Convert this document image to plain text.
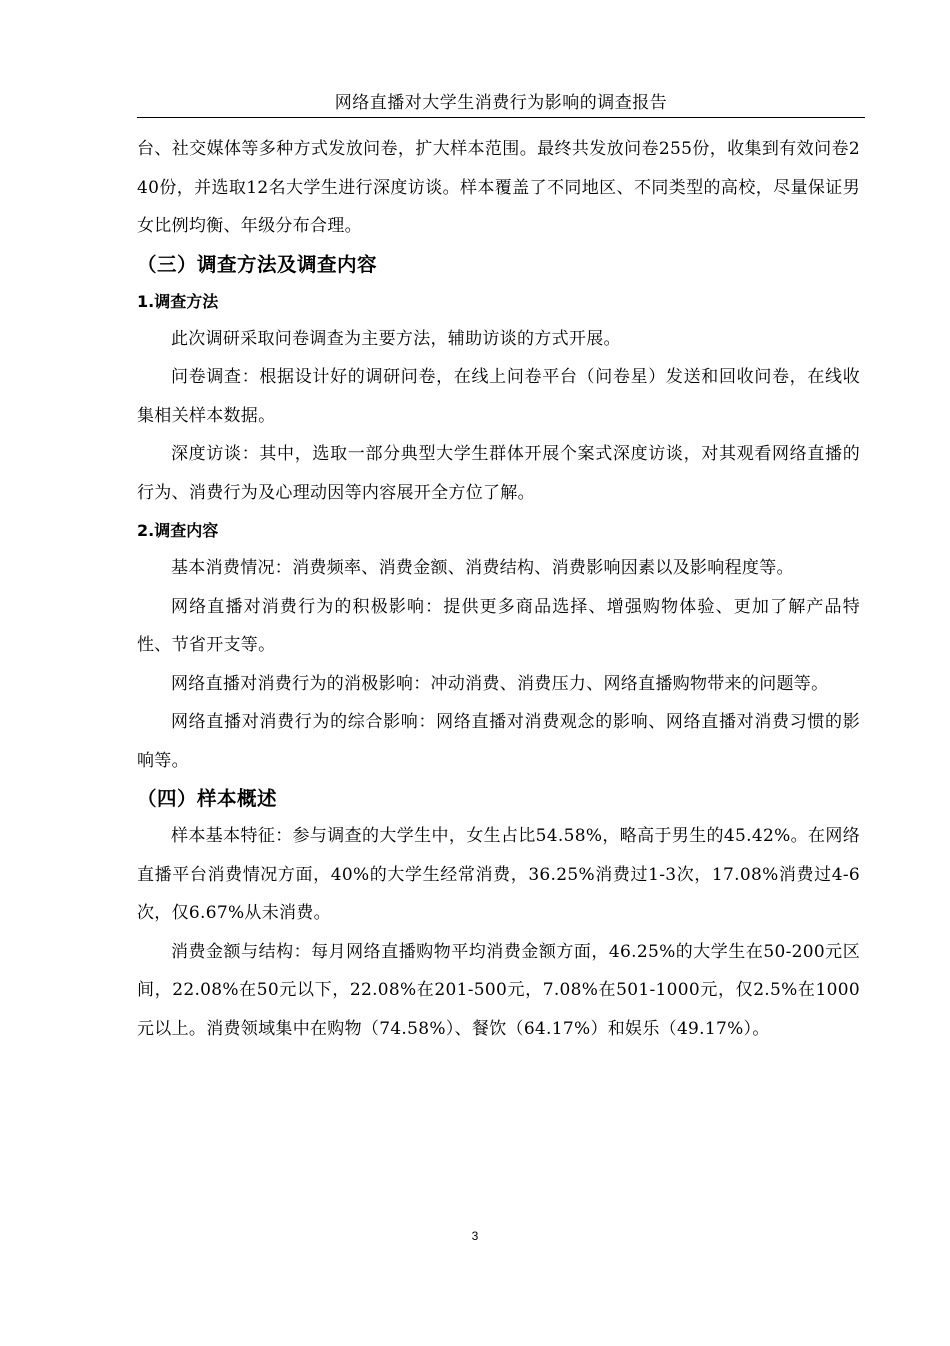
网络直播对大学生消费行为影响的调查报告

台、社交媒体等多种方式发放问卷，扩大样本范围。最终共发放问卷255份，收集到有效问卷240份，并选取12名大学生进行深度访谈。样本覆盖了不同地区、不同类型的高校，尽量保证男女比例均衡、年级分布合理。

（三）调查方法及调查内容
1.调查方法

此次调研采取问卷调查为主要方法，辅助访谈的方式开展。

问卷调查：根据设计好的调研问卷，在线上问卷平台（问卷星）发送和回收问卷，在线收集相关样本数据。

深度访谈：其中，选取一部分典型大学生群体开展个案式深度访谈，对其观看网络直播的行为、消费行为及心理动因等内容展开全方位了解。

2.调查内容

基本消费情况：消费频率、消费金额、消费结构、消费影响因素以及影响程度等。

网络直播对消费行为的积极影响：提供更多商品选择、增强购物体验、更加了解产品特性、节省开支等。

网络直播对消费行为的消极影响：冲动消费、消费压力、网络直播购物带来的问题等。

网络直播对消费行为的综合影响：网络直播对消费观念的影响、网络直播对消费习惯的影响等。

（四）样本概述

样本基本特征：参与调查的大学生中，女生占比54.58%，略高于男生的45.42%。在网络直播平台消费情况方面，40%的大学生经常消费，36.25%消费过1-3次，17.08%消费过4-6次，仅6.67%从未消费。

消费金额与结构：每月网络直播购物平均消费金额方面，46.25%的大学生在50-200元区间，22.08%在50元以下，22.08%在201-500元，7.08%在501-1000元，仅2.5%在1000元以上。消费领域集中在购物（74.58%）、餐饮（64.17%）和娱乐（49.17%）。

3
